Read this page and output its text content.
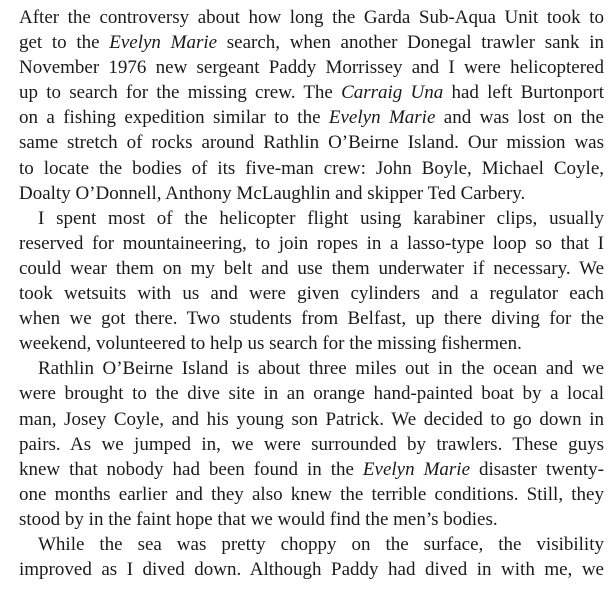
After the controversy about how long the Garda Sub-Aqua Unit took to
get to the Evelyn Marie search, when another Donegal trawler sank in
November 1976 new sergeant Paddy Morrissey and I were helicoptered
up to search for the missing crew. The Carraig Una had left Burtonport
on a fishing expedition similar to the Evelyn Marie and was lost on the
same stretch of rocks around Rathlin O’Beirne Island. Our mission was
to locate the bodies of its five-man crew: John Boyle, Michael Coyle,
Doalty O’Donnell, Anthony McLaughlin and skipper Ted Carbery.
I spent most of the helicopter flight using karabiner clips, usually
reserved for mountaineering, to join ropes in a lasso-type loop so that I
could wear them on my belt and use them underwater if necessary. We
took wetsuits with us and were given cylinders and a regulator each
when we got there. Two students from Belfast, up there diving for the
weekend, volunteered to help us search for the missing fishermen.
Rathlin O’Beirne Island is about three miles out in the ocean and we
were brought to the dive site in an orange hand-painted boat by a local
man, Josey Coyle, and his young son Patrick. We decided to go down in
pairs. As we jumped in, we were surrounded by trawlers. These guys
knew that nobody had been found in the Evelyn Marie disaster twenty-
one months earlier and they also knew the terrible conditions. Still, they
stood by in the faint hope that we would find the men’s bodies.
While the sea was pretty choppy on the surface, the visibility
improved as I dived down. Although Paddy had dived in with me, we
